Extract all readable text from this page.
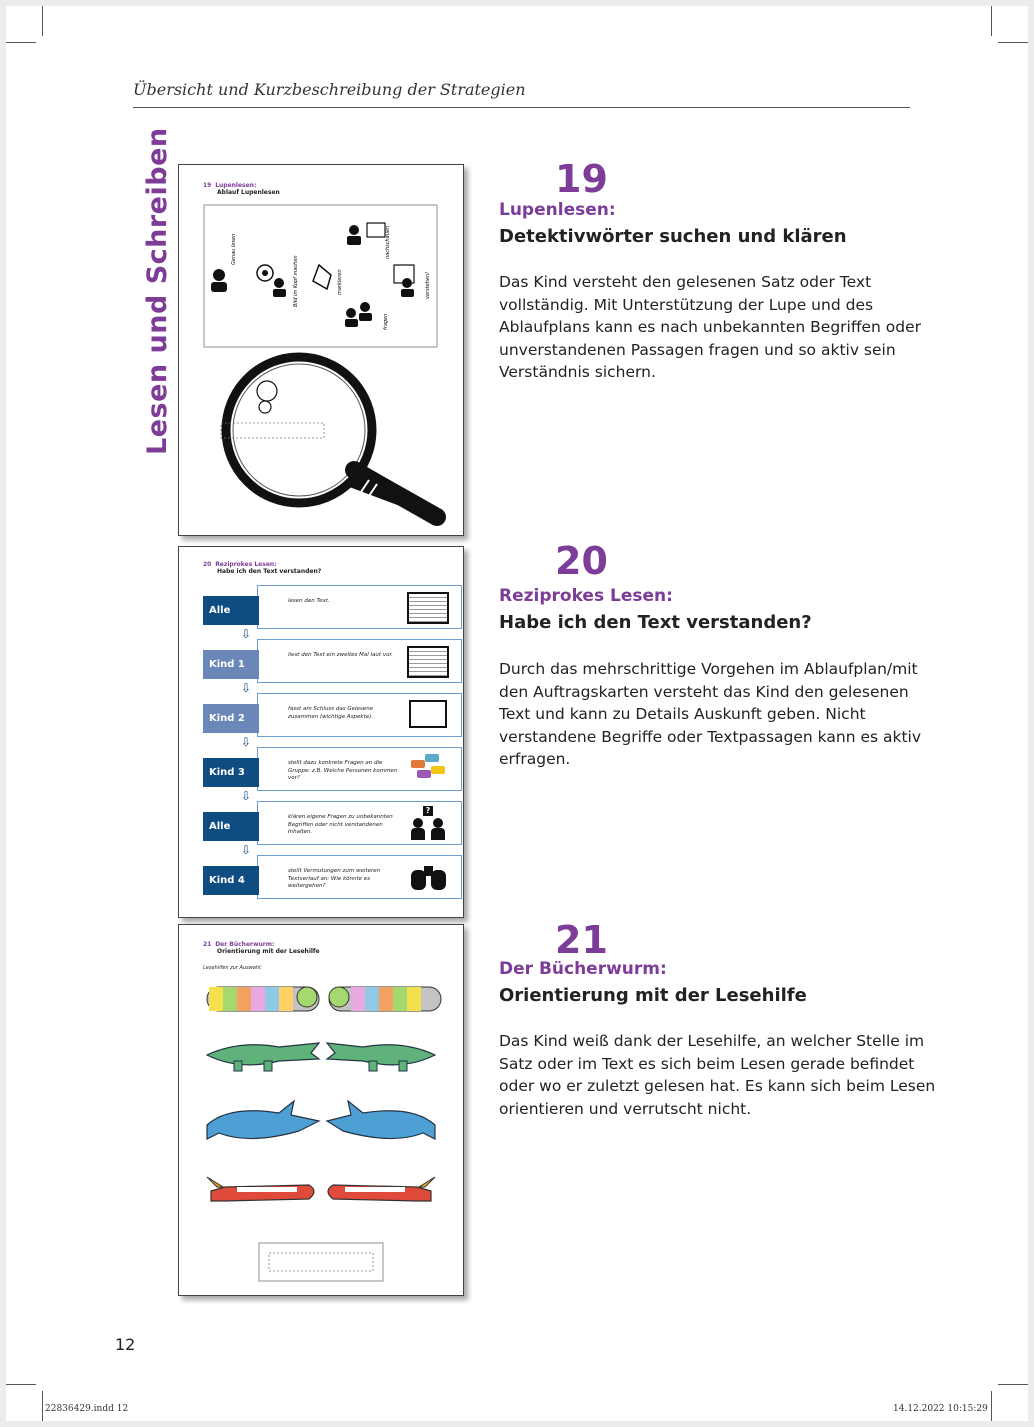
Übersicht und Kurzbeschreibung der Strategien
Lesen und Schreiben	19 Lupenlesen:
Ablauf Lupenlesen
Genau lesen
Bild im Kopf machen	markieren
nachschauen
fragen
verstehen!
20 Reziprokes Lesen:
Habe ich den Text verstanden?
lesen den Text.
Alle
⇩
liest den Text ein zweites Mal laut vor.
Kind 1
⇩
fasst am Schluss das Gelesene zusammen (wichtige Aspekte).
Kind 2
⇩
stellt dazu konkrete Fragen an die Gruppe: z.B. Welche Personen kommen vor?
Kind 3
⇩
klären eigene Fragen zu unbekannten Begriffen oder nicht verstandenen Inhalten.
?
Alle
⇩
stellt Vermutungen zum weiteren Textverlauf an: Wie könnte es weitergehen?
Kind 4
21 Der Bücherwurm:
Orientierung mit der Lesehilfe
Lesehilfen zur Auswahl:
19
Lupenlesen:
Detektivwörter suchen und klären
Das Kind versteht den gelesenen Satz oder Text vollständig. Mit Unterstützung der Lupe und des Ablaufplans kann es nach unbekannten Begriffen oder unverstandenen Passagen fragen und so aktiv sein Verständnis sichern.
20
Reziprokes Lesen:
Habe ich den Text verstanden?
Durch das mehrschrittige Vorgehen im Ablaufplan/mit den Auftragskarten versteht das Kind den gelesenen Text und kann zu Details Auskunft geben. Nicht verstandene Begriffe oder Textpassagen kann es aktiv erfragen.
21
Der Bücherwurm:
Orientierung mit der Lesehilfe
Das Kind weiß dank der Lesehilfe, an welcher Stelle im Satz oder im Text es sich beim Lesen gerade befindet oder wo er zuletzt gelesen hat. Es kann sich beim Lesen orientieren und verrutscht nicht.
12
22836429.indd 12	14.12.2022 10:15:29
